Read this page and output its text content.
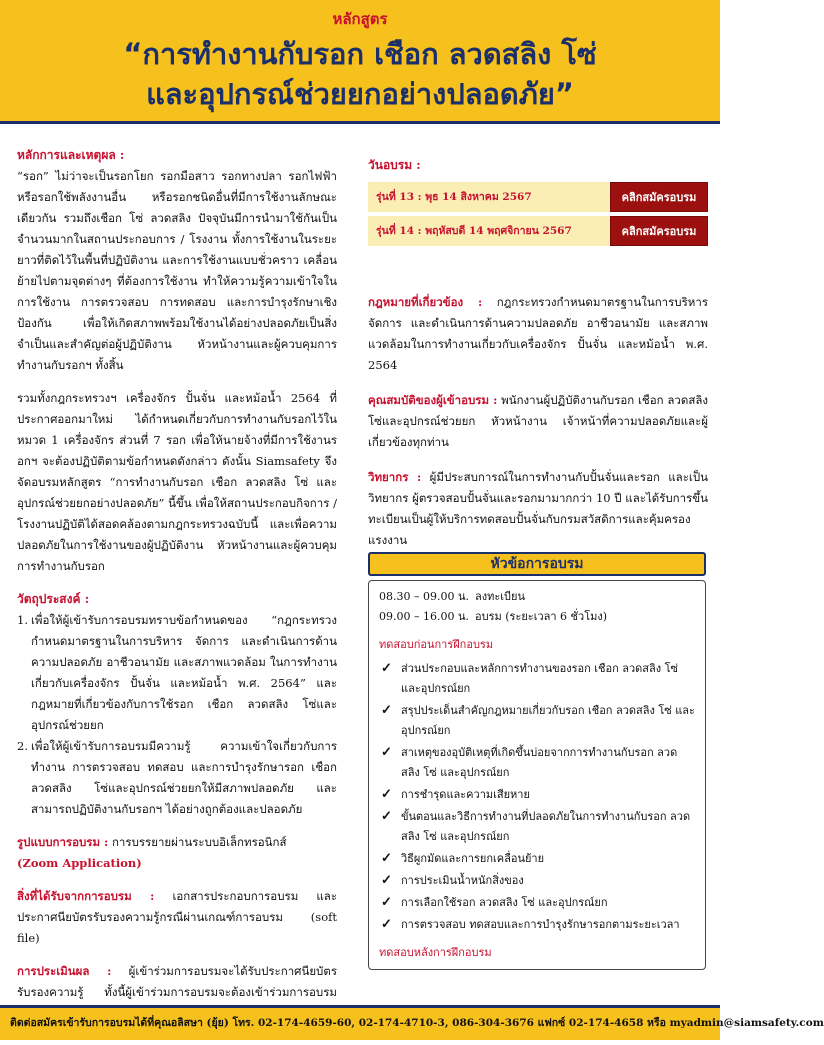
หลักสูตร
“การทำงานกับรอก เชือก ลวดสลิง โซ่
และอุปกรณ์ช่วยยกอย่างปลอดภัย”
หลักการและเหตุผล :
“รอก” ไม่ว่าจะเป็นรอกโยก รอกมือสาว รอกทางปลา รอกไฟฟ้าหรือรอกใช้พลังงานอื่น หรือรอกชนิดอื่นที่มีการใช้งานลักษณะเดียวกัน รวมถึงเชือก โซ่ ลวดสลิง ปัจจุบันมีการนำมาใช้กันเป็นจำนวนมากในสถานประกอบการ / โรงงาน ทั้งการใช้งานในระยะยาวที่ติดไว้ในพื้นที่ปฏิบัติงาน และการใช้งานแบบชั่วคราว เคลื่อนย้ายไปตามจุดต่างๆ ที่ต้องการใช้งาน ทำให้ความรู้ความเข้าใจในการใช้งาน การตรวจสอบ การทดสอบ และการบำรุงรักษาเชิงป้องกัน เพื่อให้เกิดสภาพพร้อมใช้งานได้อย่างปลอดภัยเป็นสิ่งจำเป็นและสำคัญต่อผู้ปฏิบัติงาน หัวหน้างานและผู้ควบคุมการทำงานกับรอกฯ ทั้งสิ้น
รวมทั้งกฎกระทรวงฯ เครื่องจักร ปั้นจั่น และหม้อน้ำ 2564 ที่ประกาศออกมาใหม่ ได้กำหนดเกี่ยวกับการทำงานกับรอกไว้ในหมวด 1 เครื่องจักร ส่วนที่ 7 รอก เพื่อให้นายจ้างที่มีการใช้งานรอกฯ จะต้องปฏิบัติตามข้อกำหนดดังกล่าว ดังนั้น Siamsafety จึงจัดอบรมหลักสูตร “การทำงานกับรอก เชือก ลวดสลิง โซ่ และอุปกรณ์ช่วยยกอย่างปลอดภัย” นี้ขึ้น เพื่อให้สถานประกอบกิจการ / โรงงานปฏิบัติได้สอดคล้องตามกฎกระทรวงฉบับนี้ และเพื่อความปลอดภัยในการใช้งานของผู้ปฏิบัติงาน หัวหน้างานและผู้ควบคุมการทำงานกับรอก
วัตถุประสงค์ :
1. เพื่อให้ผู้เข้ารับการอบรมทราบข้อกำหนดของ “กฎกระทรวงกำหนดมาตรฐานในการบริหาร จัดการ และดำเนินการด้านความปลอดภัย อาชีวอนามัย และสภาพแวดล้อม ในการทำงานเกี่ยวกับเครื่องจักร ปั้นจั่น และหม้อน้ำ พ.ศ. 2564” และกฎหมายที่เกี่ยวข้องกับการใช้รอก เชือก ลวดสลิง โซ่และอุปกรณ์ช่วยยก
2. เพื่อให้ผู้เข้ารับการอบรมมีความรู้ ความเข้าใจเกี่ยวกับการทำงาน การตรวจสอบ ทดสอบ และการบำรุงรักษารอก เชือก ลวดสลิง โซ่และอุปกรณ์ช่วยยกให้มีสภาพปลอดภัย และสามารถปฏิบัติงานกับรอกฯ ได้อย่างถูกต้องและปลอดภัย
รูปแบบการอบรม : การบรรยายผ่านระบบอิเล็กทรอนิกส์
(Zoom Application)
สิ่งที่ได้รับจากการอบรม : เอกสารประกอบการอบรม และประกาศนียบัตรรับรองความรู้กรณีผ่านเกณฑ์การอบรม (soft file)
การประเมินผล : ผู้เข้าร่วมการอบรมจะได้รับประกาศนียบัตรรับรองความรู้ ทั้งนี้ผู้เข้าร่วมการอบรมจะต้องเข้าร่วมการอบรม
วันอบรม :
รุ่นที่ 13 : พุธ 14 สิงหาคม 2567	คลิกสมัครอบรม
รุ่นที่ 14 : พฤหัสบดี 14 พฤศจิกายน 2567	คลิกสมัครอบรม
กฎหมายที่เกี่ยวข้อง : กฎกระทรวงกำหนดมาตรฐานในการบริหาร จัดการ และดำเนินการด้านความปลอดภัย อาชีวอนามัย และสภาพแวดล้อมในการทำงานเกี่ยวกับเครื่องจักร ปั้นจั่น และหม้อน้ำ พ.ศ. 2564
คุณสมบัติของผู้เข้าอบรม : พนักงานผู้ปฏิบัติงานกับรอก เชือก ลวดสลิง โซ่และอุปกรณ์ช่วยยก หัวหน้างาน เจ้าหน้าที่ความปลอดภัยและผู้เกี่ยวข้องทุกท่าน
วิทยากร : ผู้มีประสบการณ์ในการทำงานกับปั้นจั่นและรอก และเป็นวิทยากร ผู้ตรวจสอบปั้นจั่นและรอกมามากกว่า 10 ปี และได้รับการขึ้นทะเบียนเป็นผู้ให้บริการทดสอบปั้นจั่นกับกรมสวัสดิการและคุ้มครองแรงงาน
หัวข้อการอบรม
08.30 – 09.00 น. ลงทะเบียน
09.00 – 16.00 น. อบรม (ระยะเวลา 6 ชั่วโมง)
ทดสอบก่อนการฝึกอบรม
✓ ส่วนประกอบและหลักการทำงานของรอก เชือก ลวดสลิง โซ่ และอุปกรณ์ยก
✓ สรุปประเด็นสำคัญกฎหมายเกี่ยวกับรอก เชือก ลวดสลิง โซ่ และอุปกรณ์ยก
✓ สาเหตุของอุบัติเหตุที่เกิดขึ้นบ่อยจากการทำงานกับรอก ลวดสลิง โซ่ และอุปกรณ์ยก
✓ การชำรุดและความเสียหาย
✓ ขั้นตอนและวิธีการทำงานที่ปลอดภัยในการทำงานกับรอก ลวดสลิง โซ่ และอุปกรณ์ยก
✓ วิธีผูกมัดและการยกเคลื่อนย้าย
✓ การประเมินน้ำหนักสิ่งของ
✓ การเลือกใช้รอก ลวดสลิง โซ่ และอุปกรณ์ยก
✓ การตรวจสอบ ทดสอบและการบำรุงรักษารอกตามระยะเวลา
ทดสอบหลังการฝึกอบรม
ติดต่อสมัครเข้ารับการอบรมได้ที่คุณอลิสษา (ยุ้ย) โทร. 02-174-4659-60, 02-174-4710-3, 086-304-3676 แฟกซ์ 02-174-4658 หรือ myadmin@siamsafety.com
